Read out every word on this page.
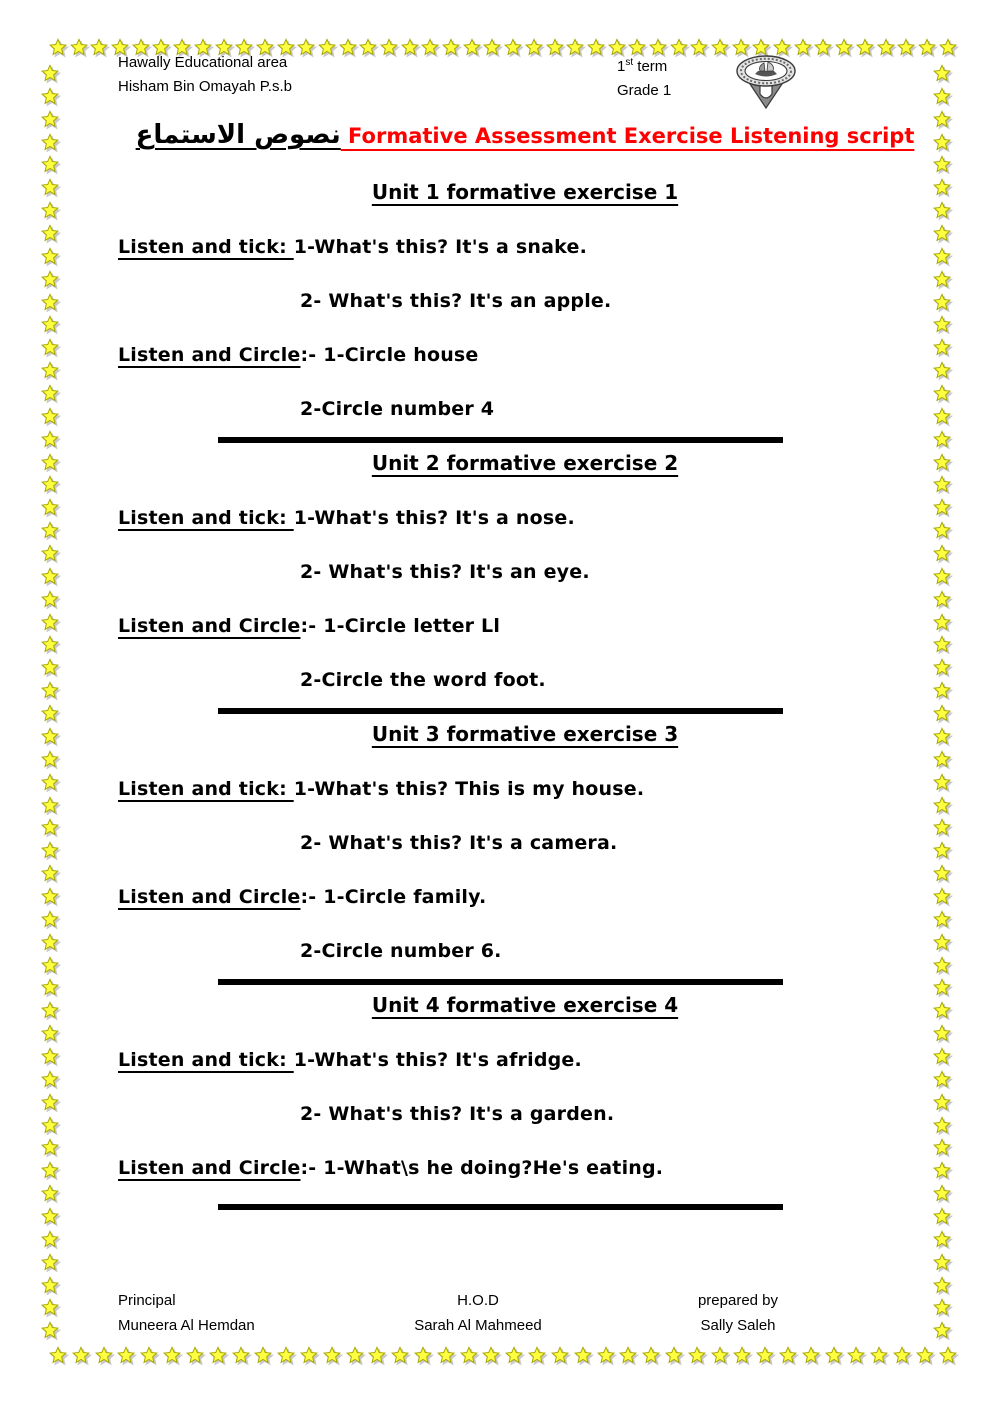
Hawally Educational area
Hisham Bin Omayah P.s.b
1st term
Grade 1
نصوص الاستماع Formative Assessment Exercise Listening script
Unit 1 formative exercise 1

Listen and tick: 1-What's this? It's a snake.

2- What's this? It's an apple.

Listen and Circle:- 1-Circle house

2-Circle number 4

Unit 2 formative exercise 2

Listen and tick: 1-What's this? It's a nose.

2- What's this? It's an eye.

Listen and Circle:- 1-Circle letter Ll

2-Circle the word foot.

Unit 3 formative exercise 3

Listen and tick: 1-What's this? This is my house.

2- What's this? It's a camera.

Listen and Circle:- 1-Circle family.

2-Circle number 6.

Unit 4 formative exercise 4

Listen and tick: 1-What's this? It's afridge.

2- What's this? It's a garden.

Listen and Circle:- 1-What\s he doing?He's eating.

Principal
Muneera Al Hemdan
H.O.D
Sarah Al Mahmeed
prepared by
Sally Saleh
